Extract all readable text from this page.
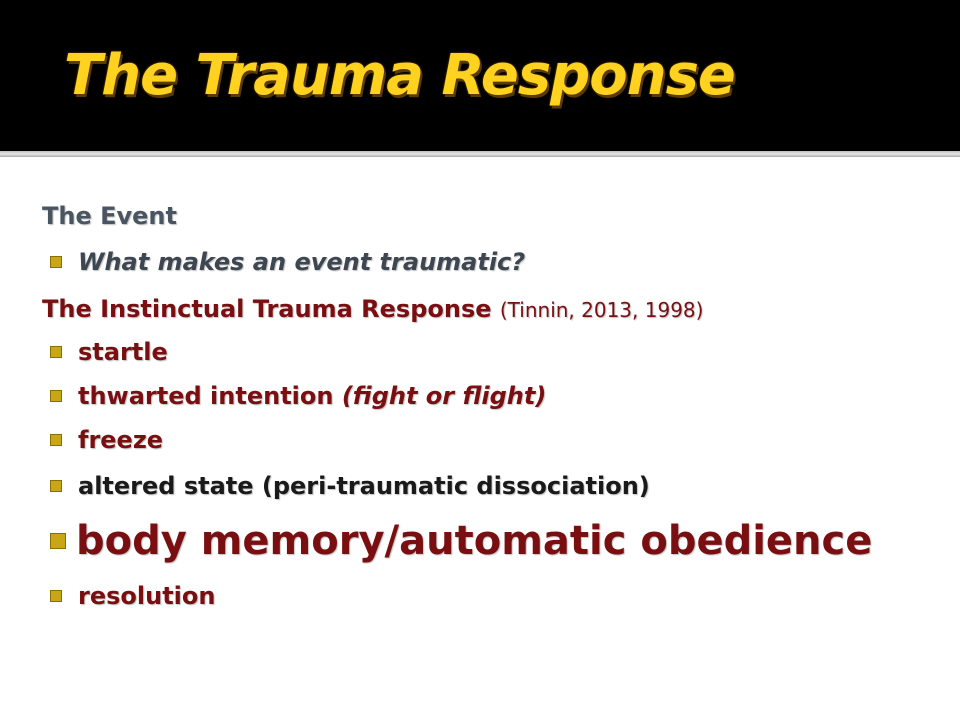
The Trauma Response
The Event
What makes an event traumatic?
The Instinctual Trauma Response (Tinnin, 2013, 1998)
startle
thwarted intention (fight or flight)
freeze
altered state (peri-traumatic dissociation)
body memory/automatic obedience
resolution
